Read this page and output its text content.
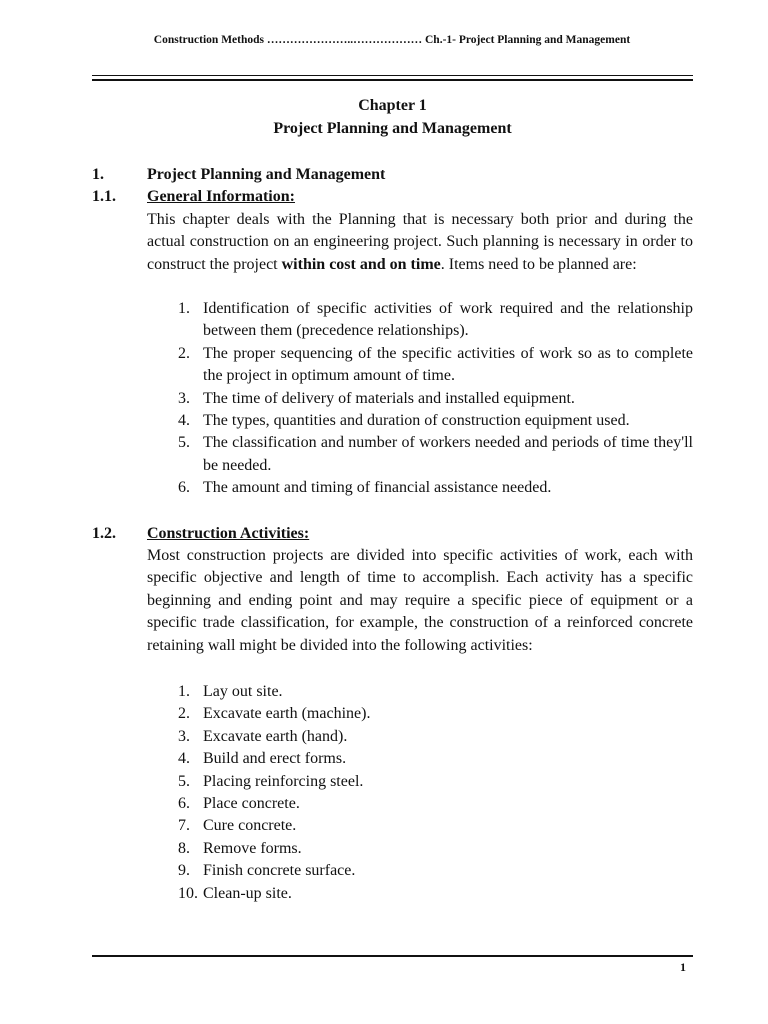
Construction Methods …………………..……………… Ch.-1- Project Planning and Management
Chapter 1
Project Planning and Management
1.	Project Planning and Management
1.1. General Information:
This chapter deals with the Planning that is necessary both prior and during the actual construction on an engineering project. Such planning is necessary in order to construct the project within cost and on time. Items need to be planned are:
1. Identification of specific activities of work required and the relationship between them (precedence relationships).
2. The proper sequencing of the specific activities of work so as to complete the project in optimum amount of time.
3. The time of delivery of materials and installed equipment.
4. The types, quantities and duration of construction equipment used.
5. The classification and number of workers needed and periods of time they'll be needed.
6. The amount and timing of financial assistance needed.
1.2. Construction Activities:
Most construction projects are divided into specific activities of work, each with specific objective and length of time to accomplish. Each activity has a specific beginning and ending point and may require a specific piece of equipment or a specific trade classification, for example, the construction of a reinforced concrete retaining wall might be divided into the following activities:
1. Lay out site.
2. Excavate earth (machine).
3. Excavate earth (hand).
4. Build and erect forms.
5. Placing reinforcing steel.
6. Place concrete.
7. Cure concrete.
8. Remove forms.
9. Finish concrete surface.
10. Clean-up site.
1
